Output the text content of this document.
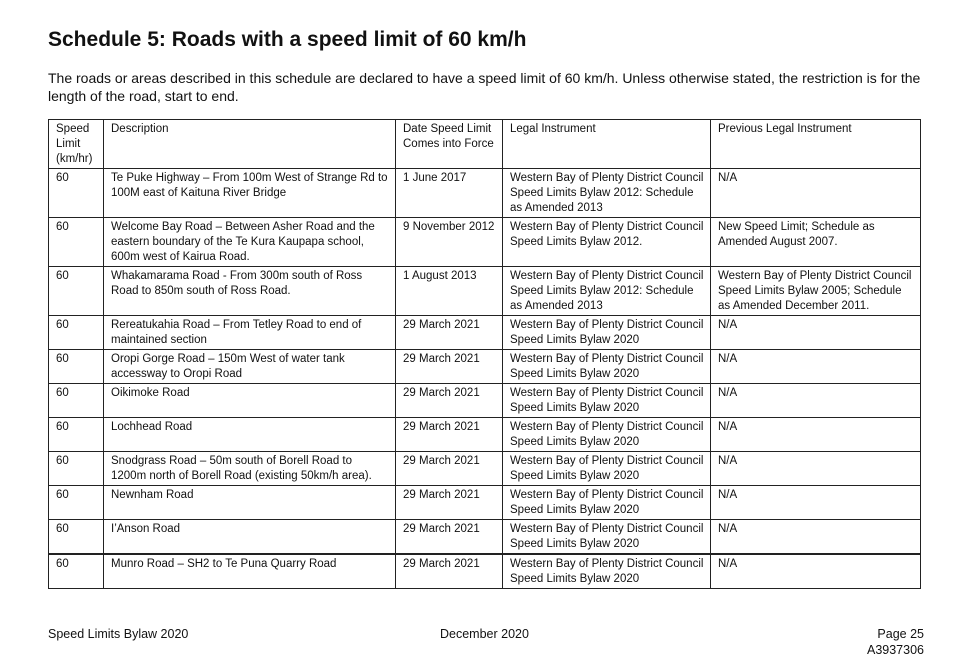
Schedule 5: Roads with a speed limit of 60 km/h

The roads or areas described in this schedule are declared to have a speed limit of 60 km/h. Unless otherwise stated, the restriction is for the length of the road, start to end.

Speed Limit (km/hr)	Description	Date Speed Limit Comes into Force	Legal Instrument	Previous Legal Instrument
60	Te Puke Highway – From 100m West of Strange Rd to 100M east of Kaituna River Bridge	1 June 2017	Western Bay of Plenty District Council Speed Limits Bylaw 2012: Schedule as Amended 2013	N/A
60	Welcome Bay Road – Between Asher Road and the eastern boundary of the Te Kura Kaupapa school, 600m west of Kairua Road.	9 November 2012	Western Bay of Plenty District Council Speed Limits Bylaw 2012.	New Speed Limit; Schedule as Amended August 2007.
60	Whakamarama Road - From 300m south of Ross Road to 850m south of Ross Road.	1 August 2013	Western Bay of Plenty District Council Speed Limits Bylaw 2012: Schedule as Amended 2013	Western Bay of Plenty District Council Speed Limits Bylaw 2005; Schedule as Amended December 2011.
60	Rereatukahia Road – From Tetley Road to end of maintained section	29 March 2021	Western Bay of Plenty District Council Speed Limits Bylaw 2020	N/A
60	Oropi Gorge Road – 150m West of water tank accessway to Oropi Road	29 March 2021	Western Bay of Plenty District Council Speed Limits Bylaw 2020	N/A
60	Oikimoke Road	29 March 2021	Western Bay of Plenty District Council Speed Limits Bylaw 2020	N/A
60	Lochhead Road	29 March 2021	Western Bay of Plenty District Council Speed Limits Bylaw 2020	N/A
60	Snodgrass Road – 50m south of Borell Road to 1200m north of Borell Road (existing 50km/h area).	29 March 2021	Western Bay of Plenty District Council Speed Limits Bylaw 2020	N/A
60	Newnham Road	29 March 2021	Western Bay of Plenty District Council Speed Limits Bylaw 2020	N/A
60	I’Anson Road	29 March 2021	Western Bay of Plenty District Council Speed Limits Bylaw 2020	N/A
60	Munro Road – SH2 to Te Puna Quarry Road	29 March 2021	Western Bay of Plenty District Council Speed Limits Bylaw 2020	N/A
Speed Limits Bylaw 2020	December 2020	Page 25
A3937306
